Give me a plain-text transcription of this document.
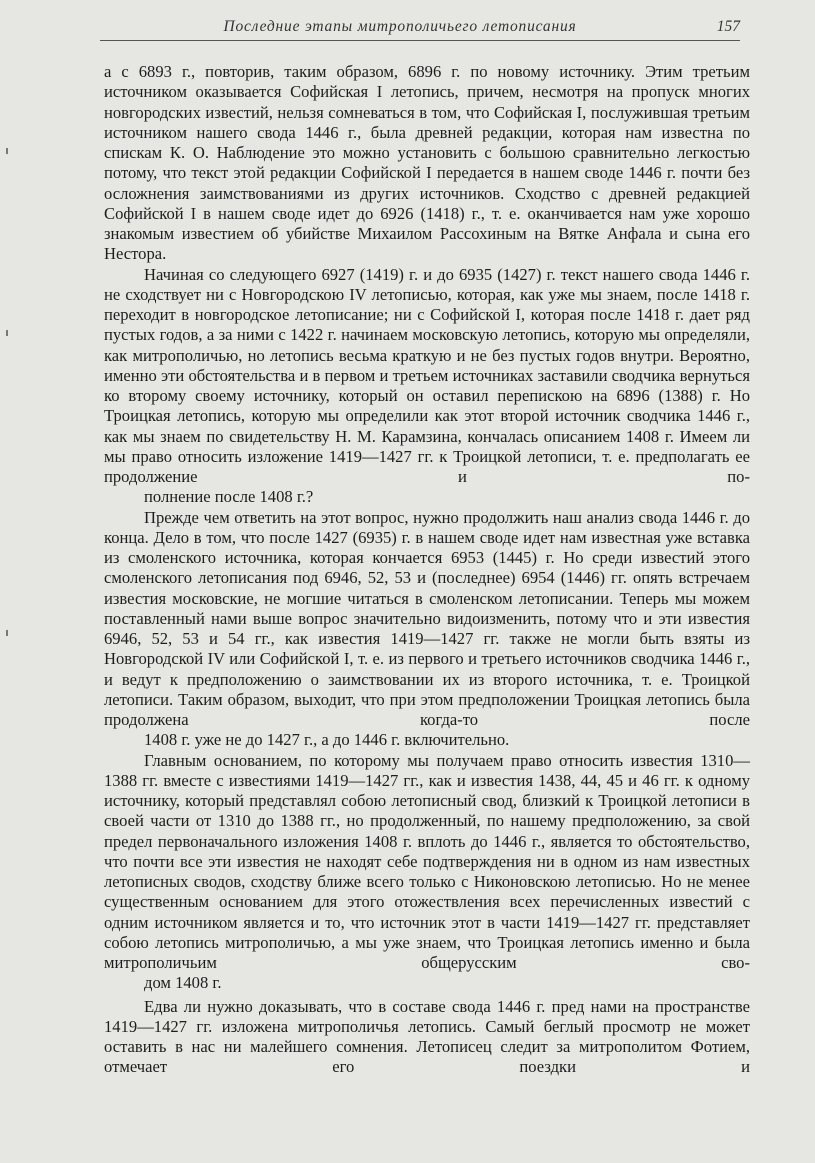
Последние этапы митрополичьего летописания	157

а с 6893 г., повторив, таким образом, 6896 г. по новому источнику. Этим третьим источником оказывается Софийская I летопись, причем, несмотря на пропуск многих новгородских известий, нельзя сомневаться в том, что Софийская I, послужившая третьим источником нашего свода 1446 г., была древней редакции, которая нам известна по спискам К. О. Наблюдение это можно установить с большою сравнительно легкостью потому, что текст этой редакции Софийской I передается в нашем своде 1446 г. почти без осложнения заимствованиями из других источников. Сходство с древней редакцией Софийской I в нашем своде идет до 6926 (1418) г., т. е. оканчивается нам уже хорошо знакомым известием об убийстве Михаилом Рассохиным на Вятке Анфала и сына его
Нестора.

Начиная со следующего 6927 (1419) г. и до 6935 (1427) г. текст нашего свода 1446 г. не сходствует ни с Новгородскою IV летописью, которая, как уже мы знаем, после 1418 г. переходит в новгородское летописание; ни с Софийской I, которая после 1418 г. дает ряд пустых годов, а за ними с 1422 г. начинаем московскую летопись, которую мы определяли, как митрополичью, но летопись весьма краткую и не без пустых годов внутри. Вероятно, именно эти обстоятельства и в первом и третьем источниках заставили сводчика вернуться ко второму своему источнику, который он оставил перепискою на 6896 (1388) г. Но Троицкая летопись, которую мы определили как этот второй источник сводчика 1446 г., как мы знаем по свидетельству Н. М. Карамзина, кончалась описанием 1408 г. Имеем ли мы право относить изложение 1419—1427 гг. к Троицкой летописи, т. е. предполагать ее продолжение и по-
полнение после 1408 г.?

Прежде чем ответить на этот вопрос, нужно продолжить наш анализ свода 1446 г. до конца. Дело в том, что после 1427 (6935) г. в нашем своде идет нам известная уже вставка из смоленского источника, которая кончается 6953 (1445) г. Но среди известий этого смоленского летописания под 6946, 52, 53 и (последнее) 6954 (1446) гг. опять встречаем известия московские, не могшие читаться в смоленском летописании. Теперь мы можем поставленный нами выше вопрос значительно видоизменить, потому что и эти известия 6946, 52, 53 и 54 гг., как известия 1419—1427 гг. также не могли быть взяты из Новгородской IV или Софийской I, т. е. из первого и третьего источников сводчика 1446 г., и ведут к предположению о заимствовании их из второго источника, т. е. Троицкой летописи. Таким образом, выходит, что при этом предположении Троицкая летопись была продолжена когда-то после
1408 г. уже не до 1427 г., а до 1446 г. включительно.

Главным основанием, по которому мы получаем право относить известия 1310—1388 гг. вместе с известиями 1419—1427 гг., как и известия 1438, 44, 45 и 46 гг. к одному источнику, который представлял собою летописный свод, близкий к Троицкой летописи в своей части от 1310 до 1388 гг., но продолженный, по нашему предположению, за свой предел первоначального изложения 1408 г. вплоть до 1446 г., является то обстоятельство, что почти все эти известия не находят себе подтверждения ни в одном из нам известных летописных сводов, сходству ближе всего только с Никоновскою летописью. Но не менее существенным основанием для этого отожествления всех перечисленных известий с одним источником является и то, что источник этот в части 1419—1427 гг. представляет собою летопись митрополичью, а мы уже знаем, что Троицкая летопись именно и была митрополичьим общерусским сво-
дом 1408 г.

Едва ли нужно доказывать, что в составе свода 1446 г. пред нами на пространстве 1419—1427 гг. изложена митрополичья летопись. Самый беглый просмотр не может оставить в нас ни малейшего сомнения. Летописец следит за митрополитом Фотием, отмечает его поездки и
